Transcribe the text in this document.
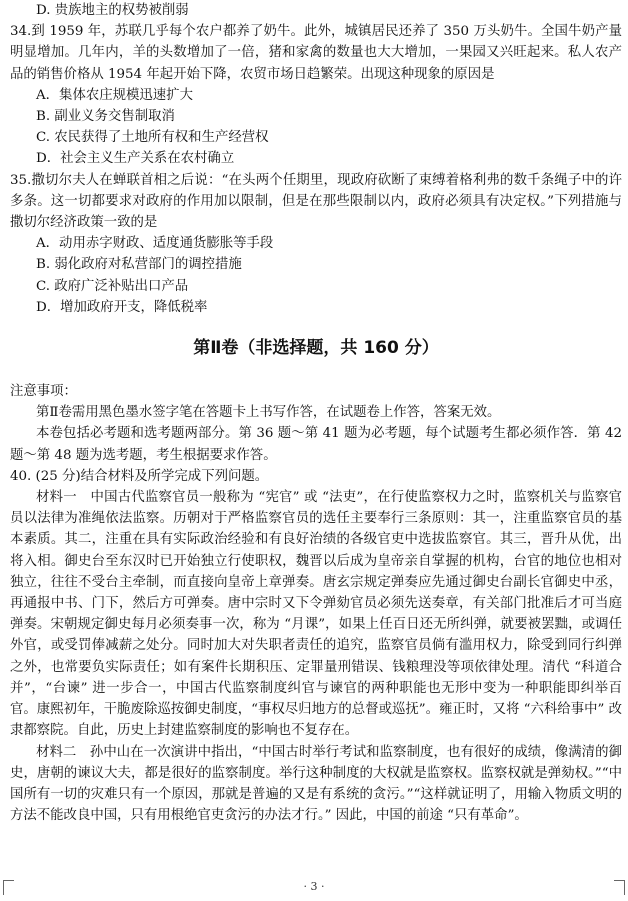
D. 贵族地主的权势被削弱

34.到 1959 年，苏联几乎每个农户都养了奶牛。此外，城镇居民还养了 350 万头奶牛。全国牛奶产量明显增加。几年内，羊的头数增加了一倍，猪和家禽的数量也大大增加，一果园又兴旺起来。私人农产品的销售价格从 1954 年起开始下降，农贸市场日趋繁荣。出现这种现象的原因是

A．集体农庄规模迅速扩大

B. 副业义务交售制取消

C. 农民获得了土地所有权和生产经营权

D．社会主义生产关系在农村确立

35.撒切尔夫人在蝉联首相之后说：“在头两个任期里，现政府砍断了束缚着格利弗的数千条绳子中的许多条。这一切都要求对政府的作用加以限制，但是在那些限制以内，政府必须具有决定权。”下列措施与撒切尔经济政策一致的是

A．动用赤字财政、适度通货膨胀等手段

B. 弱化政府对私营部门的调控措施

C. 政府广泛补贴出口产品

D．增加政府开支，降低税率

第Ⅱ卷（非选择题，共 160 分）

注意事项：

第Ⅱ卷需用黑色墨水签字笔在答题卡上书写作答，在试题卷上作答，答案无效。

本卷包括必考题和选考题两部分。第 36 题～第 41 题为必考题，每个试题考生都必须作答．第 42 题～第 48 题为选考题，考生根据要求作答。

40. (25 分)结合材料及所学完成下列问题。

材料一　中国古代监察官员一般称为 “宪官” 或 “法吏”，在行使监察权力之时，监察机关与监察官员以法律为准绳依法监察。历朝对于严格监察官员的选任主要奉行三条原则：其一，注重监察官员的基本素质。其二，注重在具有实际政治经验和有良好治绩的各级官吏中选拔监察官。其三，晋升从优，出将入相。御史台至东汉时已开始独立行使职权，魏晋以后成为皇帝亲自掌握的机构，台官的地位也相对独立，往往不受台主牵制，而直接向皇帝上章弹奏。唐玄宗规定弹奏应先通过御史台副长官御史中丞，再通报中书、门下，然后方可弹奏。唐中宗时又下令弹劾官员必须先送奏章，有关部门批准后才可当庭弹奏。宋朝规定御史每月必须奏事一次，称为 “月课”，如果上任百日还无所纠弹，就要被罢黜，或调任外官，或受罚俸减薪之处分。同时加大对失职者责任的追究，监察官员倘有滥用权力，除受到同行纠弹之外，也常要负实际责任；如有案件长期积压、定罪量刑错误、钱粮理没等项依律处理。清代 “科道合并”，“台谏” 进一步合一，中国古代监察制度纠官与谏官的两种职能也无形中变为一种职能即纠举百官。康熙初年，干脆废除巡按御史制度，“事权尽归地方的总督或巡抚”。雍正时，又将 “六科给事中” 改隶都察院。自此，历史上封建监察制度的影响也不复存在。

材料二　孙中山在一次演讲中指出，“中国古时举行考试和监察制度，也有很好的成绩，像满清的御史，唐朝的谏议大夫，都是很好的监察制度。举行这种制度的大权就是监察权。监察权就是弹劾权。”“中国所有一切的灾难只有一个原因，那就是普遍的又是有系统的贪污。”“这样就证明了，用输入物质文明的方法不能改良中国，只有用根绝官吏贪污的办法才行。” 因此，中国的前途 “只有革命”。

· 3 ·
